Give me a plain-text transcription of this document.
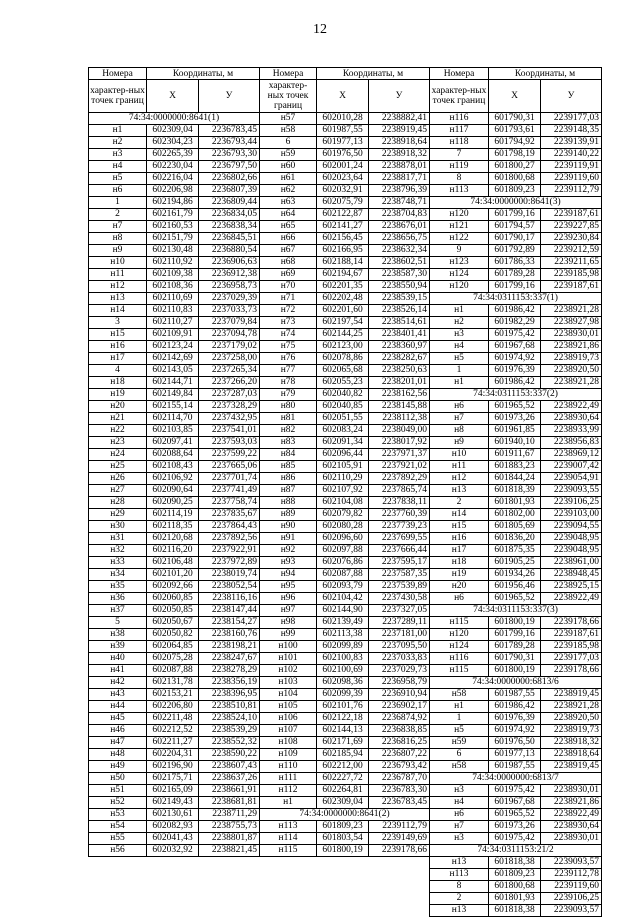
12
Номера	Координаты, м	
характер-ных точек границ	X	У
74:34:0000000:8641(1)		
н1	602309,04	2236783,45
н2	602304,23	2236793,44
н3	602265,39	2236793,30
н4	602230,04	2236797,50
н5	602216,04	2236802,66
н6	602206,98	2236807,39
1	602194,86	2236809,44
2	602161,79	2236834,05
н7	602160,53	2236838,34
н8	602151,79	2236845,51
н9	602130,48	2236880,54
н10	602110,92	2236906,63
н11	602109,38	2236912,38
н12	602108,36	2236958,73
н13	602110,69	2237029,39
н14	602110,83	2237033,73
3	602110,27	2237079,84
н15	602109,91	2237094,78
н16	602123,24	2237179,02
н17	602142,69	2237258,00
4	602143,05	2237265,34
н18	602144,71	2237266,20
н19	602149,84	2237287,03
н20	602155,14	2237328,29
н21	602114,70	2237432,95
н22	602103,85	2237541,01
н23	602097,41	2237593,03
н24	602088,64	2237599,22
н25	602108,43	2237665,06
н26	602106,92	2237701,74
н27	602090,64	2237741,49
н28	602090,25	2237758,74
н29	602114,19	2237835,67
н30	602118,35	2237864,43
н31	602120,68	2237892,56
н32	602116,20	2237922,91
н33	602106,48	2237972,89
н34	602101,20	2238019,74
н35	602092,66	2238052,54
н36	602060,85	2238116,16
н37	602050,85	2238147,44
5	602050,67	2238154,27
н38	602050,82	2238160,76
н39	602064,85	2238198,21
н40	602075,28	2238247,67
н41	602087,88	2238278,29
н42	602131,78	2238356,19
н43	602153,21	2238396,95
н44	602206,80	2238510,81
н45	602211,48	2238524,10
н46	602212,52	2238539,29
н47	602211,27	2238552,32
н48	602204,31	2238590,22
н49	602196,90	2238607,43
н50	602175,71	2238637,26
н51	602165,09	2238661,91
н52	602149,43	2238681,81
н53	602130,61	2238711,29
н54	602082,93	2238755,73
н55	602041,43	2238801,87
н56	602032,92	2238821,45
Номера	Координаты, м	
характер-ных точек границ	X	У
н57	602010,28	2238882,41
н58	601987,55	2238919,45
6	601977,13	2238918,64
н59	601976,50	2238918,32
н60	602001,24	2238878,01
н61	602023,64	2238817,71
н62	602032,91	2238796,39
н63	602075,79	2238748,71
н64	602122,87	2238704,83
н65	602141,27	2238676,01
н66	602156,45	2238656,75
н67	602166,95	2238632,34
н68	602188,14	2238602,51
н69	602194,67	2238587,30
н70	602201,35	2238550,94
н71	602202,48	2238539,15
н72	602201,60	2238526,14
н73	602197,54	2238514,61
н74	602144,25	2238401,41
н75	602123,00	2238360,97
н76	602078,86	2238282,67
н77	602065,68	2238250,63
н78	602055,23	2238201,01
н79	602040,82	2238162,56
н80	602040,85	2238145,88
н81	602051,55	2238112,38
н82	602083,24	2238049,00
н83	602091,34	2238017,92
н84	602096,44	2237971,37
н85	602105,91	2237921,02
н86	602110,29	2237892,29
н87	602107,92	2237865,74
н88	602104,08	2237838,11
н89	602079,82	2237760,39
н90	602080,28	2237739,23
н91	602096,60	2237699,55
н92	602097,88	2237666,44
н93	602076,86	2237595,17
н94	602087,88	2237587,35
н95	602093,79	2237539,89
н96	602104,42	2237430,58
н97	602144,90	2237327,05
н98	602139,49	2237289,11
н99	602113,38	2237181,00
н100	602099,89	2237095,50
н101	602100,83	2237033,83
н102	602100,69	2237029,73
н103	602098,36	2236958,79
н104	602099,39	2236910,94
н105	602101,76	2236902,17
н106	602122,18	2236874,92
н107	602144,13	2236838,85
н108	602171,69	2236816,25
н109	602185,94	2236807,22
н110	602212,00	2236793,42
н111	602227,72	2236787,70
н112	602264,81	2236783,30
н1	602309,04	2236783,45
74:34:0000000:8641(2)		
н113	601809,23	2239112,79
н114	601803,54	2239149,69
н115	601800,19	2239178,66
Номера	Координаты, м	
характер-ных точек границ	X	У
н116	601790,31	2239177,03
н117	601793,61	2239148,35
н118	601794,92	2239139,91
7	601798,19	2239140,22
н119	601800,27	2239119,91
8	601800,68	2239119,60
н113	601809,23	2239112,79
74:34:0000000:8641(3)		
н120	601799,16	2239187,61
н121	601794,57	2239227,85
н122	601790,17	2239230,84
9	601792,89	2239212,59
н123	601786,33	2239211,65
н124	601789,28	2239185,98
н120	601799,16	2239187,61
74:34:0311153:337(1)		
н1	601986,42	2238921,28
н2	601982,29	2238927,98
н3	601975,42	2238930,01
н4	601967,68	2238921,86
н5	601974,92	2238919,73
1	601976,39	2238920,50
н1	601986,42	2238921,28
74:34:0311153:337(2)		
н6	601965,52	2238922,49
н7	601973,26	2238930,64
н8	601961,85	2238933,99
н9	601940,10	2238956,83
н10	601911,67	2238969,12
н11	601883,23	2239007,42
н12	601844,24	2239054,91
н13	601818,39	2239093,55
2	601801,93	2239106,25
н14	601802,00	2239103,00
н15	601805,69	2239094,55
н16	601836,20	2239048,95
н17	601875,35	2239048,95
н18	601905,25	2238961,00
н19	601934,26	2238948,45
н20	601956,46	2238925,15
н6	601965,52	2238922,49
74:34:0311153:337(3)		
н115	601800,19	2239178,66
н120	601799,16	2239187,61
н124	601789,28	2239185,98
н116	601790,31	2239177,03
н115	601800,19	2239178,66
74:34:0000000:6813/6		
н58	601987,55	2238919,45
н1	601986,42	2238921,28
1	601976,39	2238920,50
н5	601974,92	2238919,73
н59	601976,50	2238918,32
6	601977,13	2238918,64
н58	601987,55	2238919,45
74:34:0000000:6813/7		
н3	601975,42	2238930,01
н4	601967,68	2238921,86
н6	601965,52	2238922,49
н7	601973,26	2238930,64
н3	601975,42	2238930,01
74:34:0311153:21/2		
н13	601818,38	2239093,57
н113	601809,23	2239112,78
8	601800,68	2239119,60
2	601801,93	2239106,25
н13	601818,38	2239093,57
